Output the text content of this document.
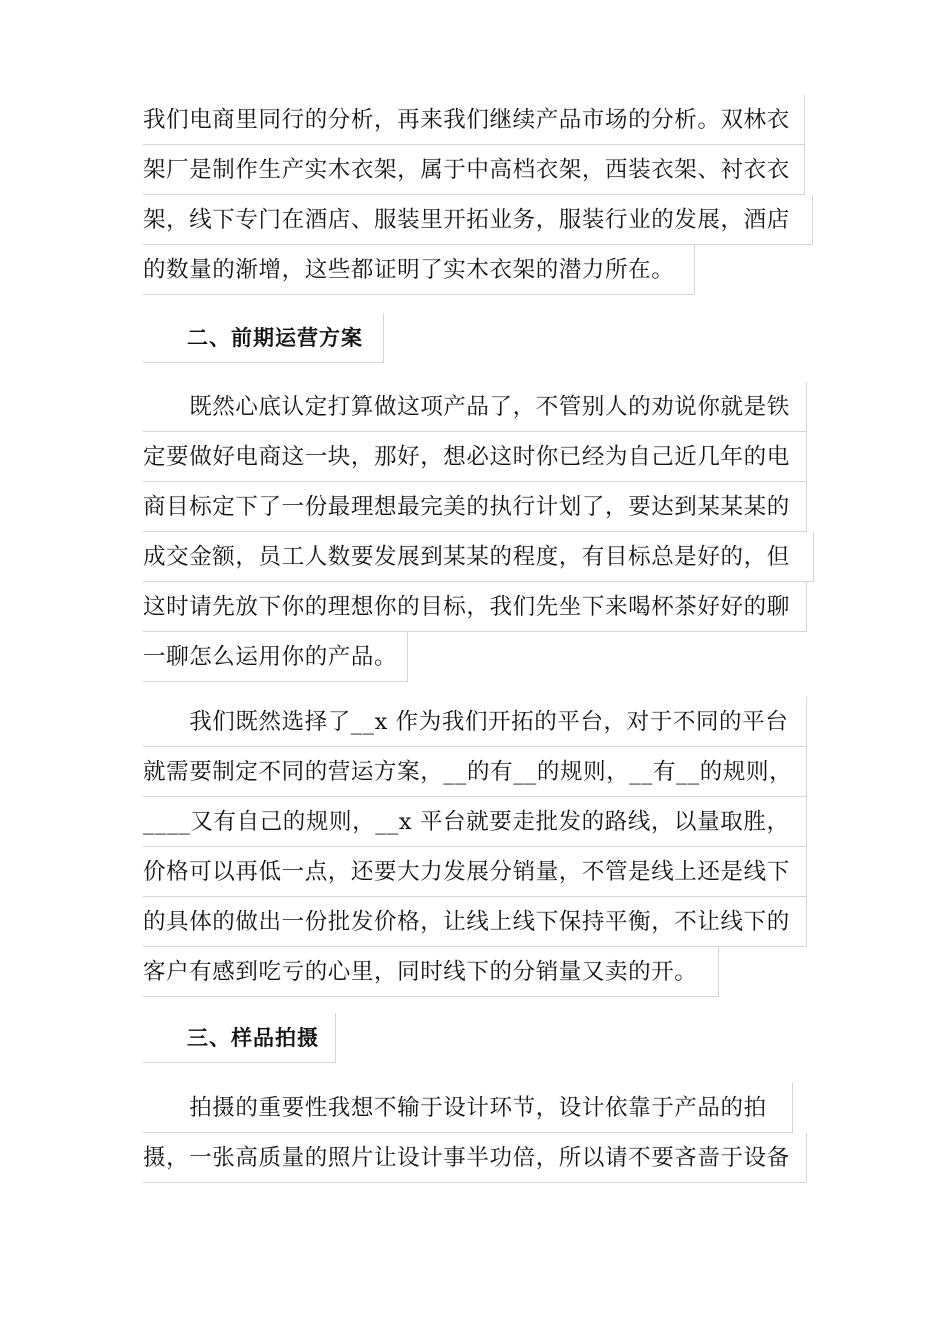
我们电商里同行的分析，再来我们继续产品市场的分析。双林衣
架厂是制作生产实木衣架，属于中高档衣架，西装衣架、衬衣衣
架，线下专门在酒店、服装里开拓业务，服装行业的发展，酒店
的数量的渐增，这些都证明了实木衣架的潜力所在。
　　二、前期运营方案
　　既然心底认定打算做这项产品了，不管别人的劝说你就是铁
定要做好电商这一块，那好，想必这时你已经为自己近几年的电
商目标定下了一份最理想最完美的执行计划了，要达到某某某的
成交金额，员工人数要发展到某某的程度，有目标总是好的，但
这时请先放下你的理想你的目标，我们先坐下来喝杯茶好好的聊
一聊怎么运用你的产品。
　　我们既然选择了__x 作为我们开拓的平台，对于不同的平台
就需要制定不同的营运方案，__的有__的规则，__有__的规则，
____又有自己的规则，__x 平台就要走批发的路线，以量取胜，
价格可以再低一点，还要大力发展分销量，不管是线上还是线下
的具体的做出一份批发价格，让线上线下保持平衡，不让线下的
客户有感到吃亏的心里，同时线下的分销量又卖的开。
　　三、样品拍摄
　　拍摄的重要性我想不输于设计环节，设计依靠于产品的拍
摄，一张高质量的照片让设计事半功倍，所以请不要吝啬于设备
